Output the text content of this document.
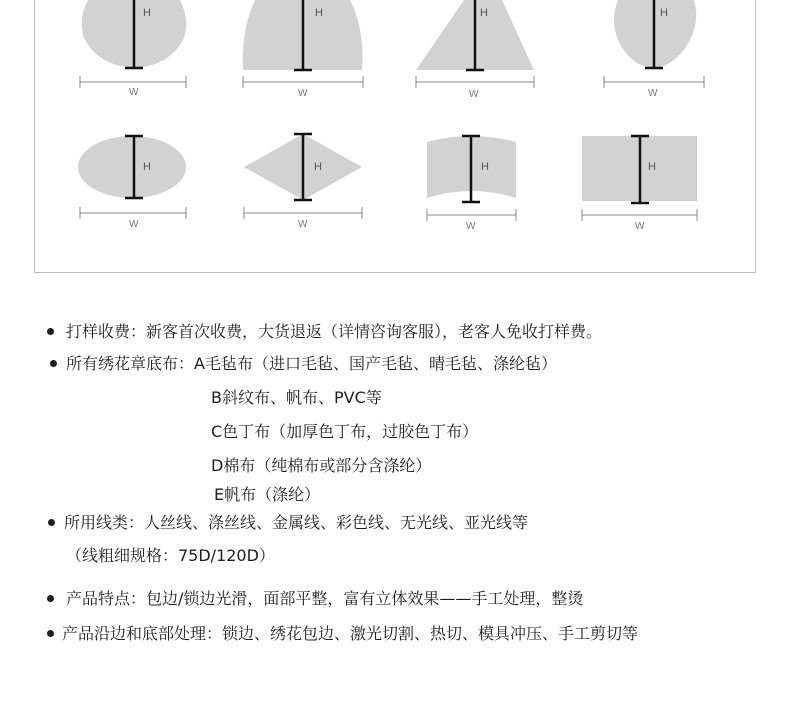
H
W
H
W
H
W
H
W
H
W
H
W
H
W
H
W
打样收费：新客首次收费，大货退返（详情咨询客服），老客人免收打样费。
所有绣花章底布：A毛毡布（进口毛毡、国产毛毡、晴毛毡、涤纶毡）
B斜纹布、帆布、PVC等
C色丁布（加厚色丁布，过胶色丁布）
D棉布（纯棉布或部分含涤纶）
E帆布（涤纶）
所用线类：人丝线、涤丝线、金属线、彩色线、无光线、亚光线等
（线粗细规格：75D/120D）
产品特点：包边/锁边光滑，面部平整，富有立体效果——手工处理，整烫
产品沿边和底部处理：锁边、绣花包边、激光切割、热切、模具冲压、手工剪切等
